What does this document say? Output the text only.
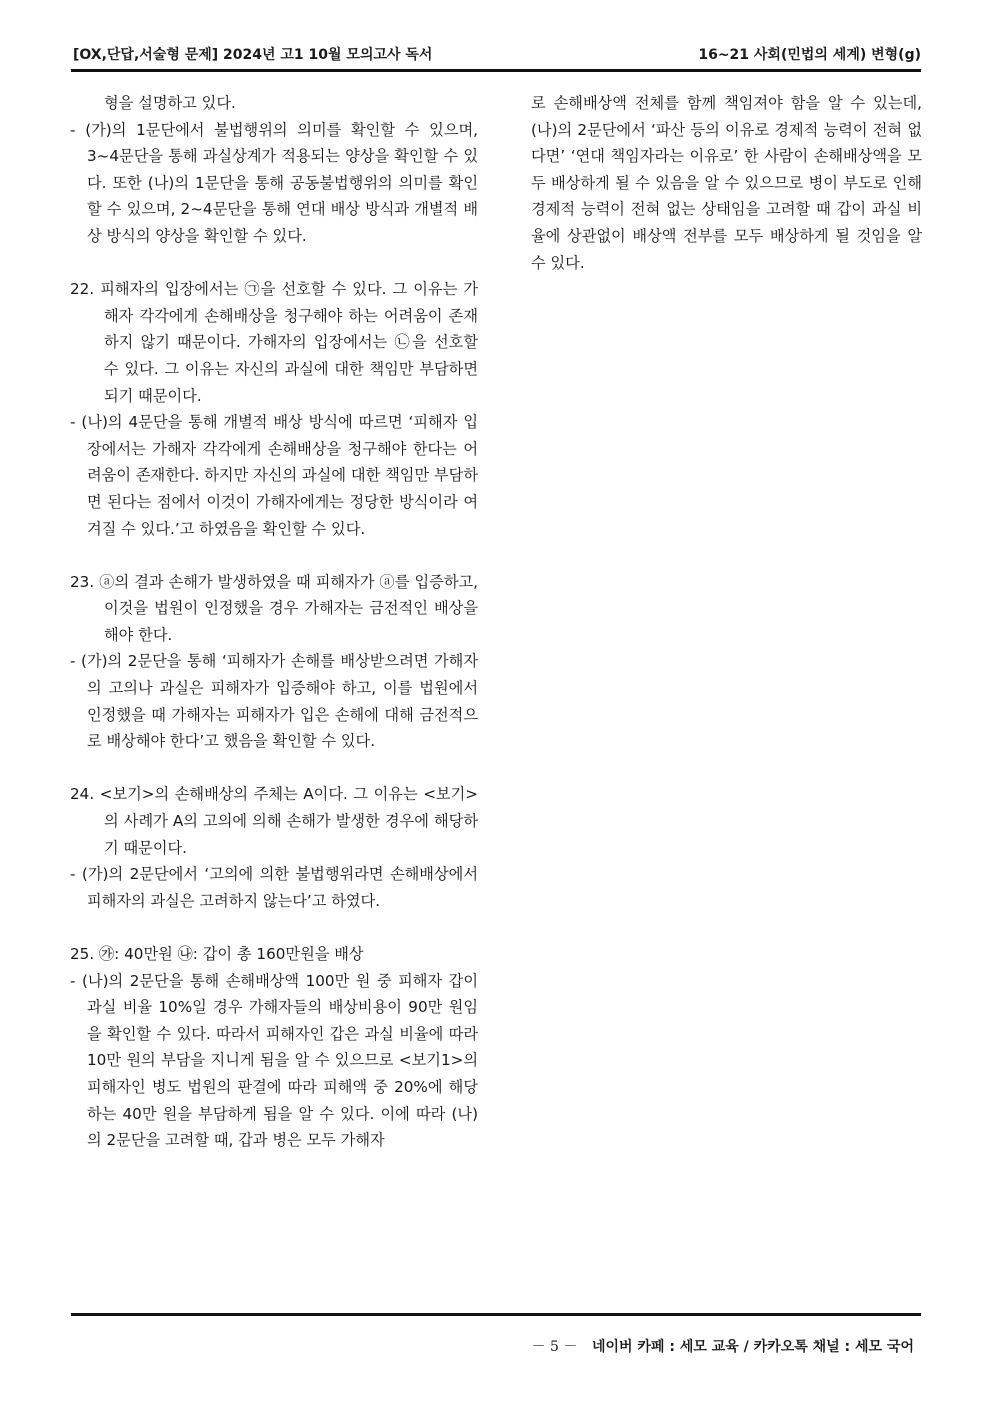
[OX,단답,서술형 문제] 2024년 고1 10월 모의고사 독서	16~21 사회(민법의 세계) 변형(g)

형을 설명하고 있다.

- (가)의 1문단에서 불법행위의 의미를 확인할 수 있으며, 3~4문단을 통해 과실상계가 적용되는 양상을 확인할 수 있다. 또한 (나)의 1문단을 통해 공동불법행위의 의미를 확인할 수 있으며, 2~4문단을 통해 연대 배상 방식과 개별적 배상 방식의 양상을 확인할 수 있다.

22. 피해자의 입장에서는 ㉠을 선호할 수 있다. 그 이유는 가해자 각각에게 손해배상을 청구해야 하는 어려움이 존재하지 않기 때문이다. 가해자의 입장에서는 ㉡을 선호할 수 있다. 그 이유는 자신의 과실에 대한 책임만 부담하면 되기 때문이다.

- (나)의 4문단을 통해 개별적 배상 방식에 따르면 ‘피해자 입장에서는 가해자 각각에게 손해배상을 청구해야 한다는 어려움이 존재한다. 하지만 자신의 과실에 대한 책임만 부담하면 된다는 점에서 이것이 가해자에게는 정당한 방식이라 여겨질 수 있다.’고 하였음을 확인할 수 있다.

23. ⓐ의 결과 손해가 발생하였을 때 피해자가 ⓐ를 입증하고, 이것을 법원이 인정했을 경우 가해자는 금전적인 배상을 해야 한다.

- (가)의 2문단을 통해 ‘피해자가 손해를 배상받으려면 가해자의 고의나 과실은 피해자가 입증해야 하고, 이를 법원에서 인정했을 때 가해자는 피해자가 입은 손해에 대해 금전적으로 배상해야 한다’고 했음을 확인할 수 있다.

24. <보기>의 손해배상의 주체는 A이다. 그 이유는 <보기>의 사례가 A의 고의에 의해 손해가 발생한 경우에 해당하기 때문이다.

- (가)의 2문단에서 ‘고의에 의한 불법행위라면 손해배상에서 피해자의 과실은 고려하지 않는다’고 하였다.

25. ㉮: 40만원 ㉯: 갑이 총 160만원을 배상

- (나)의 2문단을 통해 손해배상액 100만 원 중 피해자 갑이 과실 비율 10%일 경우 가해자들의 배상비용이 90만 원임을 확인할 수 있다. 따라서 피해자인 갑은 과실 비율에 따라 10만 원의 부담을 지니게 됨을 알 수 있으므로 <보기1>의 피해자인 병도 법원의 판결에 따라 피해액 중 20%에 해당하는 40만 원을 부담하게 됨을 알 수 있다. 이에 따라 (나)의 2문단을 고려할 때, 갑과 병은 모두 가해자

로 손해배상액 전체를 함께 책임져야 함을 알 수 있는데, (나)의 2문단에서 ‘파산 등의 이유로 경제적 능력이 전혀 없다면’ ‘연대 책임자라는 이유로’ 한 사람이 손해배상액을 모두 배상하게 될 수 있음을 알 수 있으므로 병이 부도로 인해 경제적 능력이 전혀 없는 상태임을 고려할 때 갑이 과실 비율에 상관없이 배상액 전부를 모두 배상하게 될 것임을 알 수 있다.

－ 5 － 네이버 카페 : 세모 교육 / 카카오톡 채널 : 세모 국어
